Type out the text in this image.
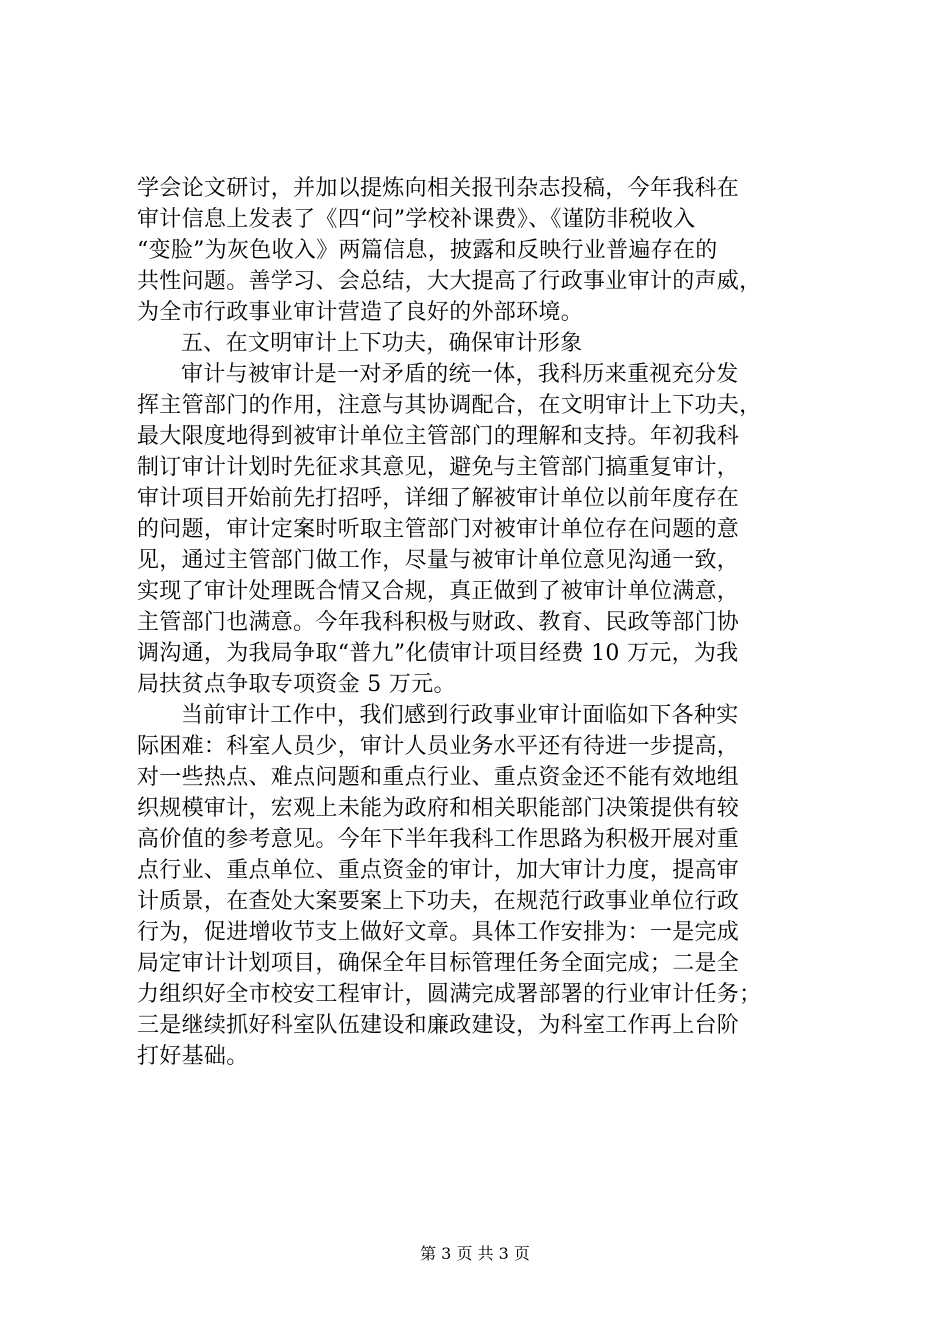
学会论文研讨，并加以提炼向相关报刊杂志投稿，今年我科在
审计信息上发表了《四“问”学校补课费》、《谨防非税收入
“变脸”为灰色收入》两篇信息，披露和反映行业普遍存在的
共性问题。善学习、会总结，大大提高了行政事业审计的声威，
为全市行政事业审计营造了良好的外部环境。
五、在文明审计上下功夫，确保审计形象
审计与被审计是一对矛盾的统一体，我科历来重视充分发
挥主管部门的作用，注意与其协调配合，在文明审计上下功夫，
最大限度地得到被审计单位主管部门的理解和支持。年初我科
制订审计计划时先征求其意见，避免与主管部门搞重复审计，
审计项目开始前先打招呼，详细了解被审计单位以前年度存在
的问题，审计定案时听取主管部门对被审计单位存在问题的意
见，通过主管部门做工作，尽量与被审计单位意见沟通一致，
实现了审计处理既合情又合规，真正做到了被审计单位满意，
主管部门也满意。今年我科积极与财政、教育、民政等部门协
调沟通，为我局争取“普九”化债审计项目经费 10 万元，为我
局扶贫点争取专项资金 5 万元。
当前审计工作中，我们感到行政事业审计面临如下各种实
际困难：科室人员少，审计人员业务水平还有待进一步提高，
对一些热点、难点问题和重点行业、重点资金还不能有效地组
织规模审计，宏观上未能为政府和相关职能部门决策提供有较
高价值的参考意见。今年下半年我科工作思路为积极开展对重
点行业、重点单位、重点资金的审计，加大审计力度，提高审
计质景，在查处大案要案上下功夫，在规范行政事业单位行政
行为，促进增收节支上做好文章。具体工作安排为：一是完成
局定审计计划项目，确保全年目标管理任务全面完成；二是全
力组织好全市校安工程审计，圆满完成署部署的行业审计任务；
三是继续抓好科室队伍建设和廉政建设，为科室工作再上台阶
打好基础。
第 3 页 共 3 页
